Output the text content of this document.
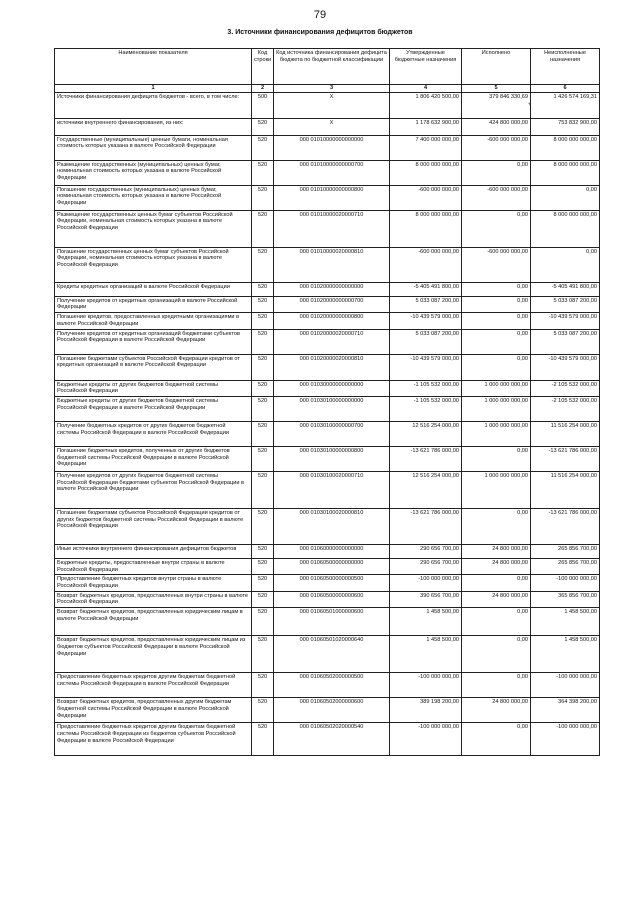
79
3. Источники финансирования дефицитов бюджетов
Наименование показателя	Код строки	Код источника финансирования дефицита бюджета по бюджетной классификации	Утвержденные бюджетные назначения	Исполнено	Неисполненные назначения
1	2	3	4	5	6
Источники финансирования дефицита бюджетов - всего, в том числе:	500	X	1 806 420 500,00	379 846 330,69	1 426 574 169,31
источники внутреннего финансирования, из них:	520	X	1 178 632 900,00	424 800 000,00	753 832 900,00
Государственные (муниципальные) ценные бумаги, номинальная стоимость которых указана в валюте Российской Федерации	520	000 01010000000000000	7 400 000 000,00	-600 000 000,00	8 000 000 000,00
Размещение государственных (муниципальных) ценных бумаг, номинальная стоимость которых указана в валюте Российской Федерации	520	000 01010000000000700	8 000 000 000,00	0,00	8 000 000 000,00
Погашение государственных (муниципальных) ценных бумаг, номинальная стоимость которых указана в валюте Российской Федерации	520	000 01010000000000800	-600 000 000,00	-600 000 000,00	0,00
Размещение государственных ценных бумаг субъектов Российской Федерации, номинальная стоимость которых указана в валюте Российской Федерации	520	000 01010000020000710	8 000 000 000,00	0,00	8 000 000 000,00
Погашение государственных ценных бумаг субъектов Российской Федерации, номинальная стоимость которых указана в валюте Российской Федерации	520	000 01010000020000810	-600 000 000,00	-600 000 000,00	0,00
Кредиты кредитных организаций в валюте Российской Федерации	520	000 01020000000000000	-5 405 491 800,00	0,00	-5 405 491 800,00
Получение кредитов от кредитных организаций в валюте Российской Федерации	520	000 01020000000000700	5 033 087 200,00	0,00	5 033 087 200,00
Погашение кредитов, предоставленных кредитными организациями в валюте Российской Федерации	520	000 01020000000000800	-10 439 579 000,00	0,00	-10 439 579 000,00
Получение кредитов от кредитных организаций бюджетами субъектов Российской Федерации в валюте Российской Федерации	520	000 01020000020000710	5 033 087 200,00	0,00	5 033 087 200,00
Погашение бюджетами субъектов Российской Федерации кредитов от кредитных организаций в валюте Российской Федерации	520	000 01020000020000810	-10 439 579 000,00	0,00	-10 439 579 000,00
Бюджетные кредиты от других бюджетов бюджетной системы Российской Федерации	520	000 01030000000000000	-1 105 532 000,00	1 000 000 000,00	-2 105 532 000,00
Бюджетные кредиты от других бюджетов бюджетной системы Российской Федерации в валюте Российской Федерации	520	000 01030100000000000	-1 105 532 000,00	1 000 000 000,00	-2 105 532 000,00
Получение бюджетных кредитов от других бюджетов бюджетной системы Российской Федерации в валюте Российской Федерации	520	000 01030100000000700	12 516 254 000,00	1 000 000 000,00	11 516 254 000,00
Погашение бюджетных кредитов, полученных от других бюджетов бюджетной системы Российской Федерации в валюте Российской Федерации	520	000 01030100000000800	-13 621 786 000,00	0,00	-13 621 786 000,00
Получение кредитов от других бюджетов бюджетной системы Российской Федерации бюджетами субъектов Российской Федерации в валюте Российской Федерации	520	000 01030100020000710	12 516 254 000,00	1 000 000 000,00	11 516 254 000,00
Погашение бюджетами субъектов Российской Федерации кредитов от других бюджетов бюджетной системы Российской Федерации в валюте Российской Федерации	520	000 01030100020000810	-13 621 786 000,00	0,00	-13 621 786 000,00
Иные источники внутреннего финансирования дефицитов бюджетов	520	000 01060000000000000	290 656 700,00	24 800 000,00	265 856 700,00
Бюджетные кредиты, предоставленные внутри страны в валюте Российской Федерации	520	000 01060500000000000	290 656 700,00	24 800 000,00	265 856 700,00
Предоставление бюджетных кредитов внутри страны в валюте Российской Федерации	520	000 01060500000000500	-100 000 000,00	0,00	-100 000 000,00
Возврат бюджетных кредитов, предоставленных внутри страны в валюте Российской Федерации	520	000 01060500000000600	390 656 700,00	24 800 000,00	365 856 700,00
Возврат бюджетных кредитов, предоставленных юридическим лицам в валюте Российской Федерации	520	000 01060501000000600	1 458 500,00	0,00	1 458 500,00
Возврат бюджетных кредитов, предоставленных юридическим лицам из бюджетов субъектов Российской Федерации в валюте Российской Федерации	520	000 01060501020000640	1 458 500,00	0,00	1 458 500,00
Предоставление бюджетных кредитов другим бюджетам бюджетной системы Российской Федерации в валюте Российской Федерации	520	000 01060502000000500	-100 000 000,00	0,00	-100 000 000,00
Возврат бюджетных кредитов, предоставленных другим бюджетам бюджетной системы Российской Федерации в валюте Российской Федерации	520	000 01060502000000600	389 198 200,00	24 800 000,00	364 398 200,00
Предоставление бюджетных кредитов другим бюджетам бюджетной системы Российской Федерации из бюджетов субъектов Российской Федерации в валюте Российской Федерации	520	000 01060502020000540	-100 000 000,00	0,00	-100 000 000,00
+
